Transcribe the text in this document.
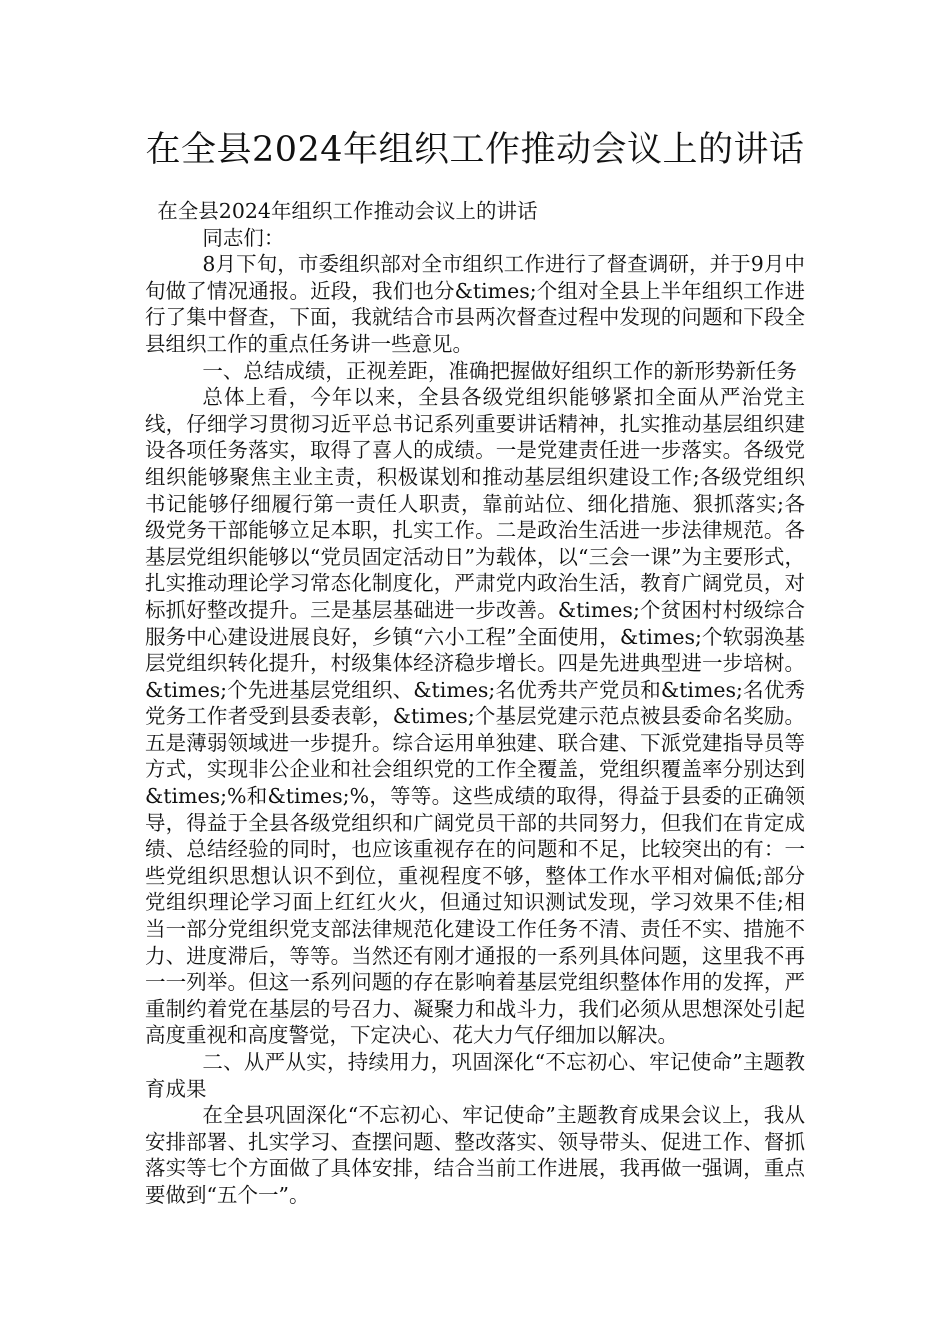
在全县2024年组织工作推动会议上的讲话

在全县2024年组织工作推动会议上的讲话

同志们：

8月下旬，市委组织部对全市组织工作进行了督查调研，并于9月中旬做了情况通报。近段，我们也分&times;个组对全县上半年组织工作进行了集中督查，下面，我就结合市县两次督查过程中发现的问题和下段全县组织工作的重点任务讲一些意见。

一、总结成绩，正视差距，准确把握做好组织工作的新形势新任务

总体上看，今年以来，全县各级党组织能够紧扣全面从严治党主线，仔细学习贯彻习近平总书记系列重要讲话精神，扎实推动基层组织建设各项任务落实，取得了喜人的成绩。一是党建责任进一步落实。各级党组织能够聚焦主业主责，积极谋划和推动基层组织建设工作;各级党组织书记能够仔细履行第一责任人职责，靠前站位、细化措施、狠抓落实;各级党务干部能够立足本职，扎实工作。二是政治生活进一步法律规范。各基层党组织能够以“党员固定活动日”为载体，以“三会一课”为主要形式，扎实推动理论学习常态化制度化，严肃党内政治生活，教育广阔党员，对标抓好整改提升。三是基层基础进一步改善。&times;个贫困村村级综合服务中心建设进展良好，乡镇“六小工程”全面使用，&times;个软弱涣基层党组织转化提升，村级集体经济稳步增长。四是先进典型进一步培树。&times;个先进基层党组织、&times;名优秀共产党员和&times;名优秀党务工作者受到县委表彰，&times;个基层党建示范点被县委命名奖励。五是薄弱领域进一步提升。综合运用单独建、联合建、下派党建指导员等方式，实现非公企业和社会组织党的工作全覆盖，党组织覆盖率分别达到&times;%和&times;%，等等。这些成绩的取得，得益于县委的正确领导，得益于全县各级党组织和广阔党员干部的共同努力，但我们在肯定成绩、总结经验的同时，也应该重视存在的问题和不足，比较突出的有：一些党组织思想认识不到位，重视程度不够，整体工作水平相对偏低;部分党组织理论学习面上红红火火，但通过知识测试发现，学习效果不佳;相当一部分党组织党支部法律规范化建设工作任务不清、责任不实、措施不力、进度滞后，等等。当然还有刚才通报的一系列具体问题，这里我不再一一列举。但这一系列问题的存在影响着基层党组织整体作用的发挥，严重制约着党在基层的号召力、凝聚力和战斗力，我们必须从思想深处引起高度重视和高度警觉，下定决心、花大力气仔细加以解决。

二、从严从实，持续用力，巩固深化“不忘初心、牢记使命”主题教育成果

在全县巩固深化“不忘初心、牢记使命”主题教育成果会议上，我从安排部署、扎实学习、查摆问题、整改落实、领导带头、促进工作、督抓落实等七个方面做了具体安排，结合当前工作进展，我再做一强调，重点要做到“五个一”。
